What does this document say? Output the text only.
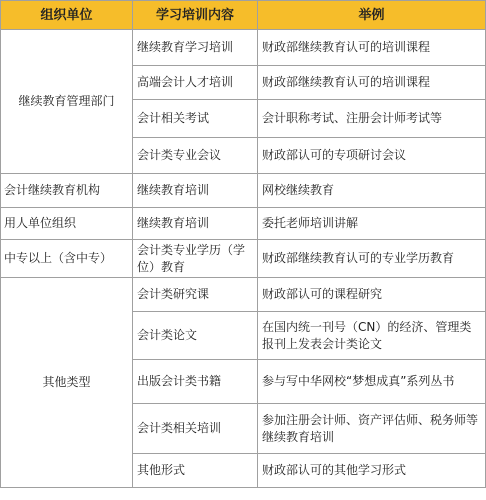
组织单位	学习培训内容	举例
继续教育管理部门	继续教育学习培训	财政部继续教育认可的培训课程
	高端会计人才培训	财政部继续教育认可的培训课程
	会计相关考试	会计职称考试、注册会计师考试等
	会计类专业会议	财政部认可的专项研讨会议
会计继续教育机构	继续教育培训	网校继续教育
用人单位组织	继续教育培训	委托老师培训讲解
中专以上（含中专）	会计类专业学历（学位）教育	财政部继续教育认可的专业学历教育
其他类型	会计类研究课	财政部认可的课程研究
	会计类论文	在国内统一刊号（CN）的经济、管理类报刊上发表会计类论文
	出版会计类书籍	参与写中华网校“梦想成真”系列丛书
	会计类相关培训	参加注册会计师、资产评估师、税务师等继续教育培训
	其他形式	财政部认可的其他学习形式
